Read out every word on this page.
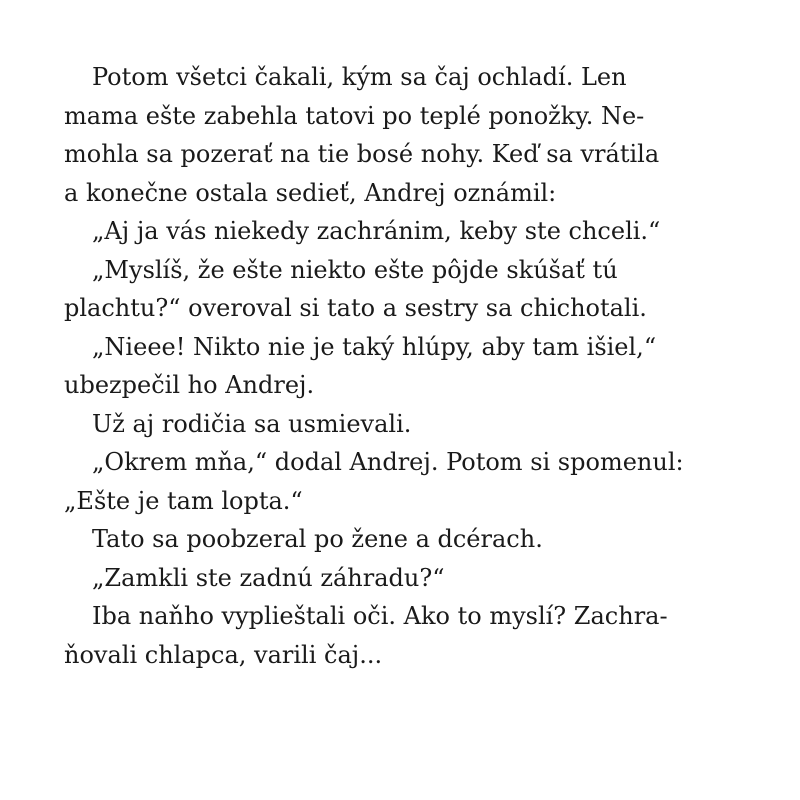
Potom všetci čakali, kým sa čaj ochladí. Len
mama ešte zabehla tatovi po teplé ponožky. Ne-
mohla sa pozerať na tie bosé nohy. Keď sa vrátila
a konečne ostala sedieť, Andrej oznámil:
„Aj ja vás niekedy zachránim, keby ste chceli.“
„Myslíš, že ešte niekto ešte pôjde skúšať tú
plachtu?“ overoval si tato a sestry sa chichotali.
„Nieee! Nikto nie je taký hlúpy, aby tam išiel,“
ubezpečil ho Andrej.
Už aj rodičia sa usmievali.
„Okrem mňa,“ dodal Andrej. Potom si spomenul:
„Ešte je tam lopta.“
Tato sa poobzeral po žene a dcérach.
„Zamkli ste zadnú záhradu?“
Iba naňho vyplieštali oči. Ako to myslí? Zachra-
ňovali chlapca, varili čaj...
